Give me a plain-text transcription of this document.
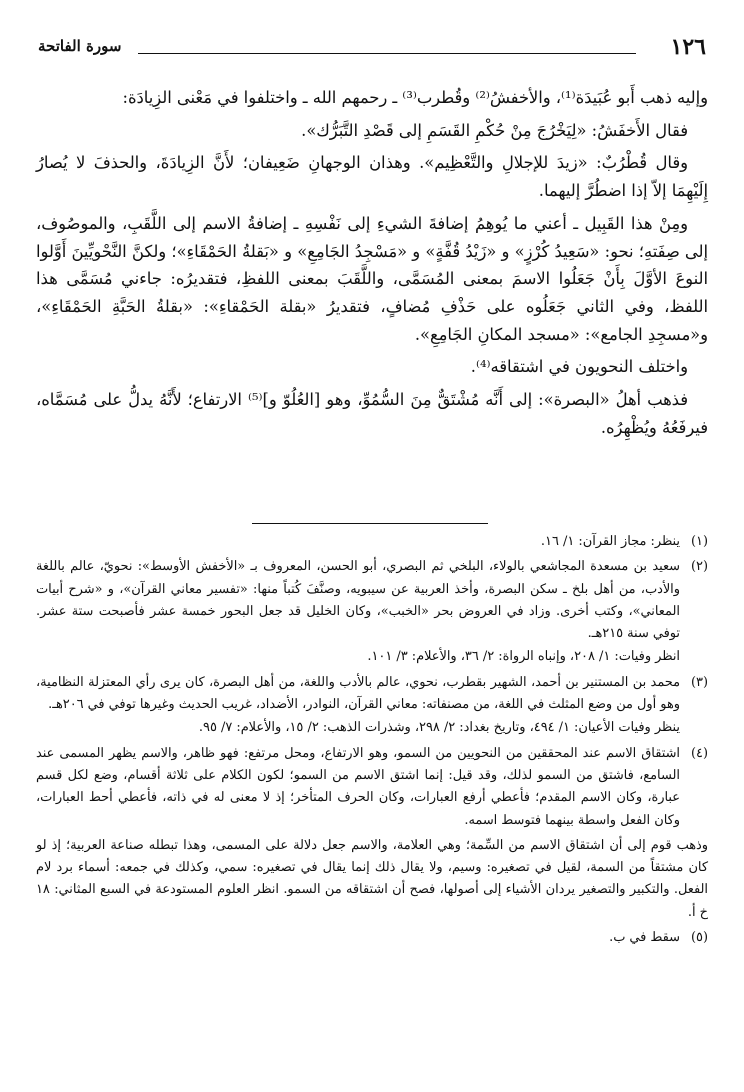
١٢٦
سورة الفاتحة

وإليه ذهب أَبو عُبَيدَة⁽¹⁾، والأخفشُ⁽²⁾ وقُطرب⁽³⁾ ـ رحمهم الله ـ واختلفوا في مَعْنى الزِيادَة:

فقال الأَخفَشُ: «لِيَخْرُجَ مِنْ حُكْمِ القَسَمِ إلى قَصْدِ التَّبَرُّك».

وقال قُطْرُبٌ: «زيدَ للإجلالِ والتَّعْظِيم». وهذان الوجهانِ ضَعِيفان؛ لأَنَّ الزِيادَةَ، والحذفَ لا يُصارُ إِلَيْهِمَا إلاّ إذا اضطُرَّ إليهما.

ومِنْ هذا القَبِيل ـ أعني ما يُوهِمُ إضافةَ الشيءِ إلى نَفْسِهِ ـ إضافةُ الاسم إلى اللَّقَبِ، والموصُوف، إلى صِفَتهِ؛ نحو: «سَعِيدُ كُرْزٍ» و «زَيْدُ قُفَّةٍ» و «مَسْجِدُ الجَامِعِ» و «بَقلةُ الحَمْقَاءِ»؛ ولكنَّ النَّحْويِّينَ أَوَّلوا النوعَ الأوَّلَ بِأَنْ جَعَلُوا الاسمَ بمعنى المُسَمَّى، واللَّقَبَ بمعنى اللفظِ، فتقديرُه: جاءني مُسَمَّى هذا اللفظ، وفي الثاني جَعَلُوه على حَذْفِ مُضافٍ، فتقديرُ «بقلة الحَمْقاءِ»: «بقلةُ الحَبَّةِ الحَمْقَاءِ»، و«مسجِدِ الجامع»: «مسجد المكانِ الجَامِعِ».

واختلف النحويون في اشتقاقه⁽⁴⁾.

فذهب أهلُ «البصرة»: إلى أَنَّه مُشْتَقٌّ مِنَ السُّمُوِّ، وهو [العُلُوّ و]⁽⁵⁾ الارتفاع؛ لأَنَّهُ يدلُّ على مُسَمَّاه، فيرفَعُهُ ويُظْهِرُه.

(١)

ينظر: مجاز القرآن: ١/ ١٦.

(٢)

سعيد بن مسعدة المجاشعي بالولاء، البلخي ثم البصري، أبو الحسن، المعروف بـ «الأخفش الأوسط»: نحويّ، عالم باللغة والأدب، من أهل بلخ ـ سكن البصرة، وأخذ العربية عن سيبويه، وصنَّفَ كُتباً منها: «تفسير معاني القرآن»، و «شرح أبيات المعاني»، وكتب أخرى. وزاد في العروض بحر «الخبب»، وكان الخليل قد جعل البحور خمسة عشر فأصبحت ستة عشر. توفي سنة ٢١٥هـ.

انظر وفيات: ١/ ٢٠٨، وإنباه الرواة: ٢/ ٣٦، والأعلام: ٣/ ١٠١.

(٣)

محمد بن المستنير بن أحمد، الشهير بقطرب، نحوي، عالم بالأدب واللغة، من أهل البصرة، كان يرى رأي المعتزلة النظامية، وهو أول من وضع المثلث في اللغة، من مصنفاته: معاني القرآن، النوادر، الأضداد، غريب الحديث وغيرها توفي في ٢٠٦هـ.

ينظر وفيات الأعيان: ١/ ٤٩٤، وتاريخ بغداد: ٢/ ٢٩٨، وشذرات الذهب: ٢/ ١٥، والأعلام: ٧/ ٩٥.

(٤)

اشتقاق الاسم عند المحققين من النحويين من السمو، وهو الارتفاع، ومحل مرتفع: فهو ظاهر، والاسم يظهر المسمى عند السامع، فاشتق من السمو لذلك، وقد قيل: إنما اشتق الاسم من السمو؛ لكون الكلام على ثلاثة أقسام، وضع لكل قسم عبارة، وكان الاسم المقدم؛ فأعطي أرفع العبارات، وكان الحرف المتأخر؛ إذ لا معنى له في ذاته، فأعطي أحط العبارات، وكان الفعل واسطة بينهما فتوسط اسمه.

وذهب قوم إلى أن اشتقاق الاسم من السِّمة؛ وهي العلامة، والاسم جعل دلالة على المسمى، وهذا تبطله صناعة العربية؛ إذ لو كان مشتقاً من السمة، لقيل في تصغيره: وسيم، ولا يقال ذلك إنما يقال في تصغيره: سمي، وكذلك في جمعه: أسماء برد لام الفعل. والتكبير والتصغير يردان الأشياء إلى أصولها، فصح أن اشتقاقه من السمو. انظر العلوم المستودعة في السبع المثاني: ١٨ خ أ.

(٥)

سقط في ب.
